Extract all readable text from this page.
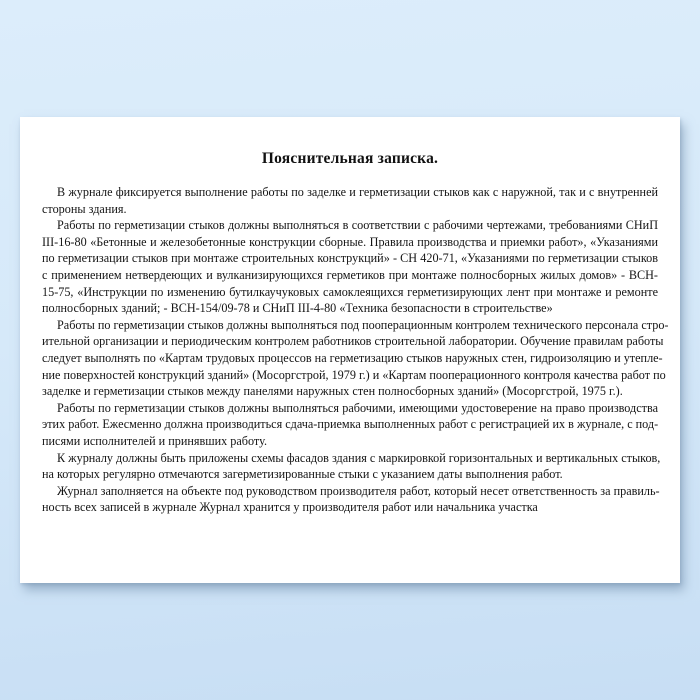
Пояснительная записка.
В журнале фиксируется выполнение работы по заделке и герметизации стыков как с наружной, так и с внутренней
стороны здания.
Работы по герметизации стыков должны выполняться в соответствии с рабочими чертежами, требованиями СНиП
III-16-80 «Бетонные и железобетонные конструкции сборные. Правила производства и приемки работ», «Указаниями
по герметизации стыков при монтаже строительных конструкций» - СН 420-71, «Указаниями по герметизации стыков
с применением нетвердеющих и вулканизирующихся герметиков при монтаже полносборных жилых домов» - ВСН-
15-75, «Инструкции по изменению бутилкаучуковых самоклеящихся герметизирующих лент при монтаже и ремонте
полносборных зданий; - ВСН-154/09-78 и СНиП III-4-80 «Техника безопасности в строительстве»
Работы по герметизации стыков должны выполняться под пооперационным контролем технического персонала стро-
ительной организации и периодическим контролем работников строительной лаборатории. Обучение правилам работы
следует выполнять по «Картам трудовых процессов на герметизацию стыков наружных стен, гидроизоляцию и утепле-
ние поверхностей конструкций зданий» (Мосоргстрой, 1979 г.) и «Картам пооперационного контроля качества работ по
заделке и герметизации стыков между панелями наружных стен полносборных зданий» (Мосоргстрой, 1975 г.).
Работы по герметизации стыков должны выполняться рабочими, имеющими удостоверение на право производства
этих работ. Ежесменно должна производиться сдача-приемка выполненных работ с регистрацией их в журнале, с под-
писями исполнителей и принявших работу.
К журналу должны быть приложены схемы фасадов здания с маркировкой горизонтальных и вертикальных стыков,
на которых регулярно отмечаются загерметизированные стыки с указанием даты выполнения работ.
Журнал заполняется на объекте под руководством производителя работ, который несет ответственность за правиль-
ность всех записей в журнале Журнал хранится у производителя работ или начальника участка
